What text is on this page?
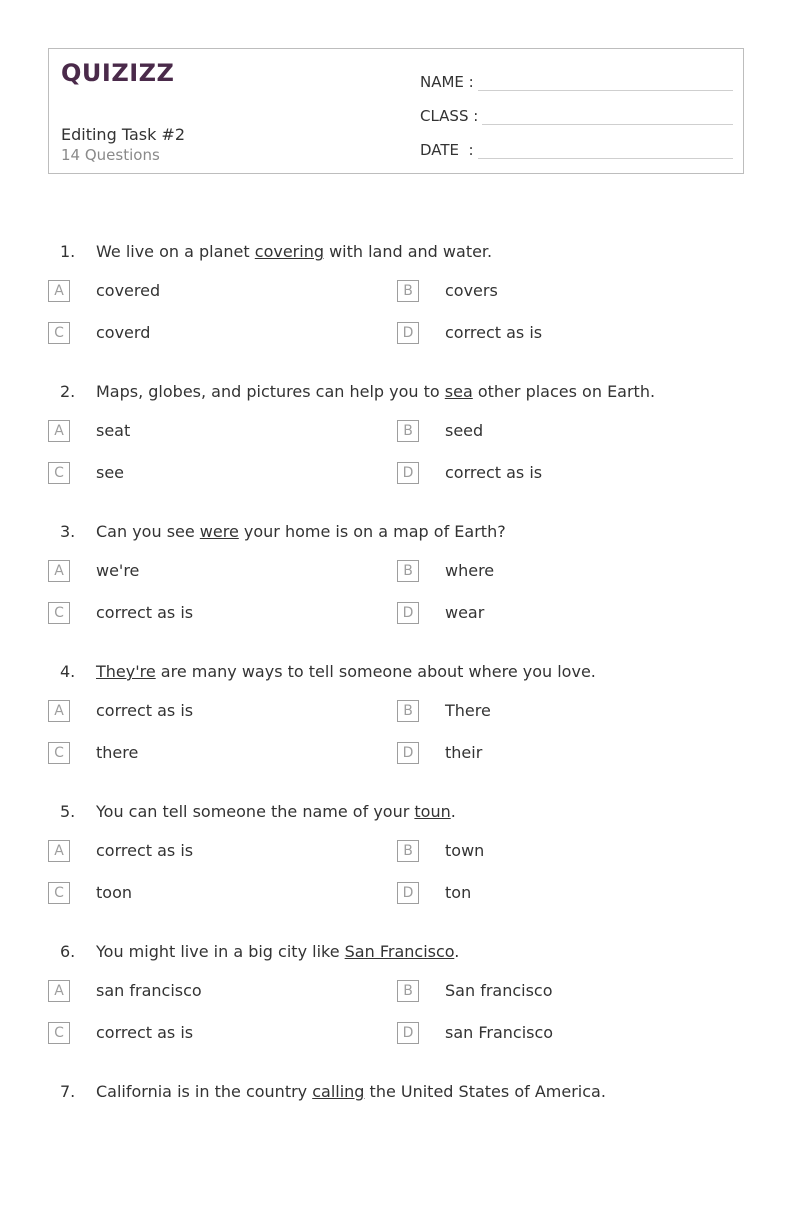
QUIZIZZ
Editing Task #2
14 Questions
NAME :
CLASS :
DATE  :
1. We live on a planet covering with land and water.
A	covered	B	covers
C	coverd	D	correct as is
2. Maps, globes, and pictures can help you to sea other places on Earth.
A	seat	B	seed
C	see	D	correct as is
3. Can you see were your home is on a map of Earth?
A	we're	B	where
C	correct as is	D	wear
4. They're are many ways to tell someone about where you love.
A	correct as is	B	There
C	there	D	their
5. You can tell someone the name of your toun.
A	correct as is	B	town
C	toon	D	ton
6. You might live in a big city like San Francisco.
A	san francisco	B	San francisco
C	correct as is	D	san Francisco
7. California is in the country calling the United States of America.
